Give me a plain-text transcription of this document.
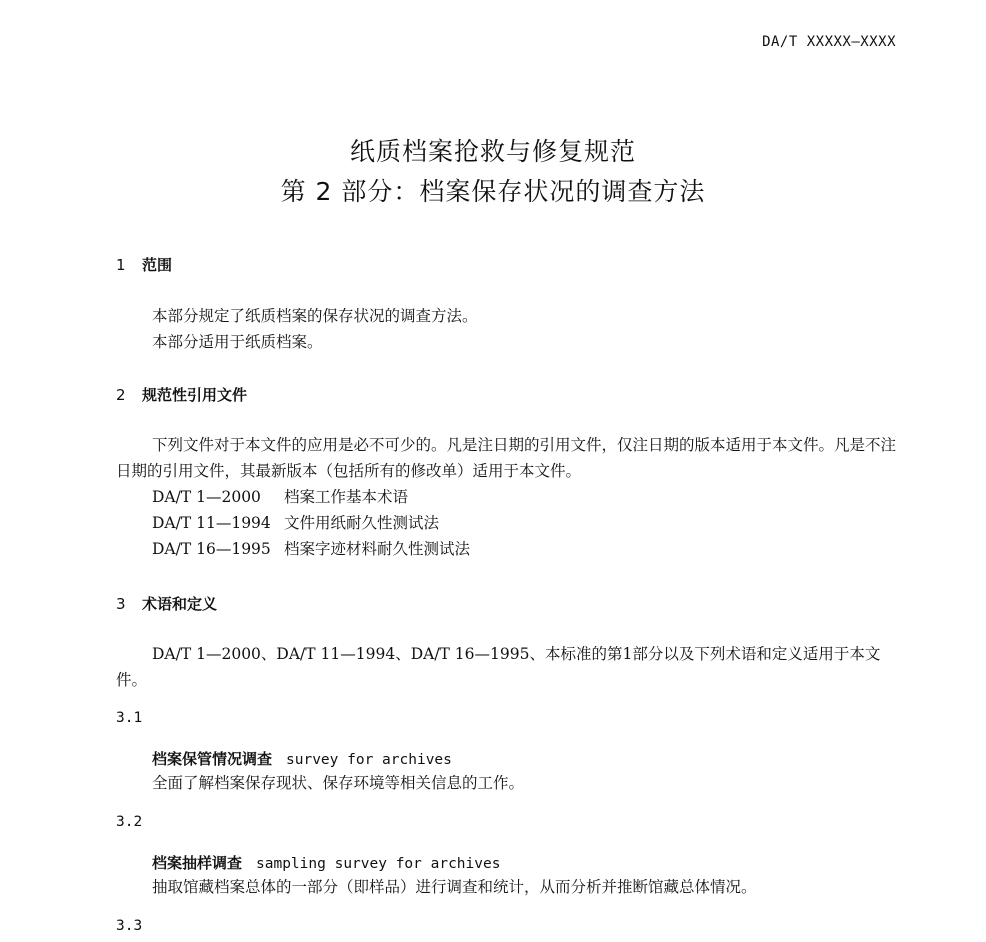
DA/T XXXXX—XXXX
纸质档案抢救与修复规范
第 2 部分：档案保存状况的调查方法
1 范围
本部分规定了纸质档案的保存状况的调查方法。
本部分适用于纸质档案。
2 规范性引用文件
下列文件对于本文件的应用是必不可少的。凡是注日期的引用文件，仅注日期的版本适用于本文件。凡是不注日期的引用文件，其最新版本（包括所有的修改单）适用于本文件。
DA/T 1—2000 档案工作基本术语
DA/T 11—1994 文件用纸耐久性测试法
DA/T 16—1995 档案字迹材料耐久性测试法
3 术语和定义
DA/T 1—2000、DA/T 11—1994、DA/T 16—1995、本标准的第1部分以及下列术语和定义适用于本文件。
3.1
档案保管情况调查 survey for archives
全面了解档案保存现状、保存环境等相关信息的工作。
3.2
档案抽样调查 sampling survey for archives
抽取馆藏档案总体的一部分（即样品）进行调查和统计，从而分析并推断馆藏总体情况。
3.3
